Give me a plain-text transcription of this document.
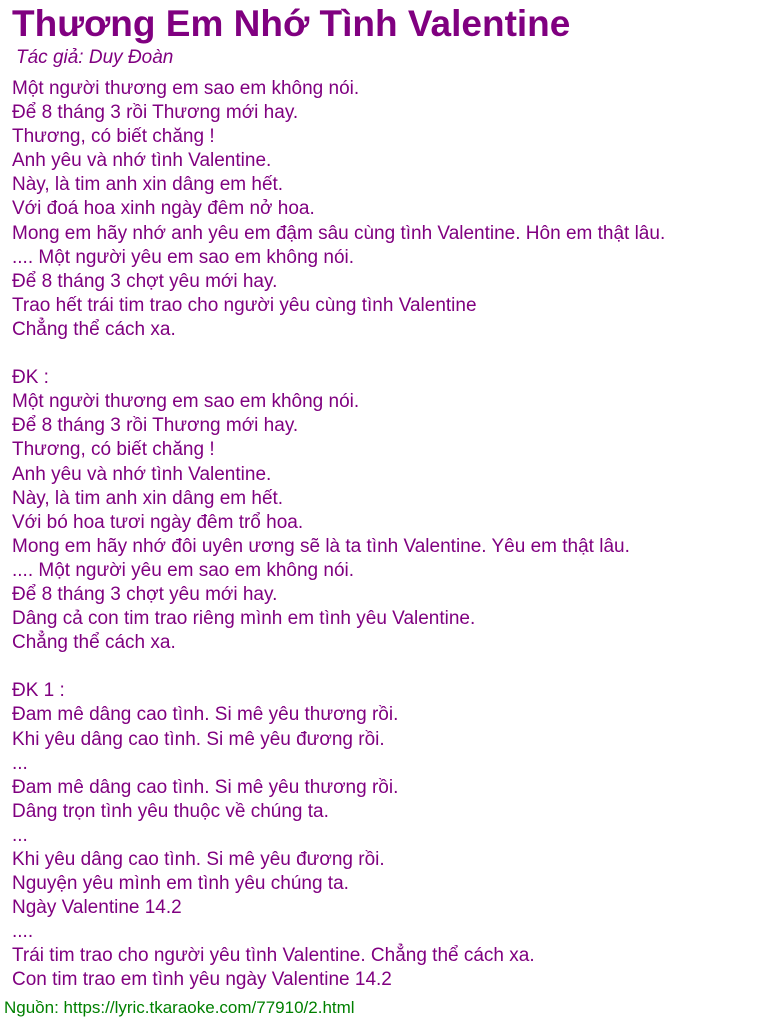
Thương Em Nhớ Tình Valentine
Tác giả: Duy Đoàn
Một người thương em sao em không nói.
Để 8 tháng 3 rồi Thương mới hay.
Thương, có biết chăng !
Anh yêu và nhớ tình Valentine.
Này, là tim anh xin dâng em hết.
Với đoá hoa xinh ngày đêm nở hoa.
Mong em hãy nhớ anh yêu em đậm sâu cùng tình Valentine. Hôn em thật lâu.
.... Một người yêu em sao em không nói.
Để 8 tháng 3 chợt yêu mới hay.
Trao hết trái tim trao cho người yêu cùng tình Valentine
Chẳng thể cách xa.
ĐK :
Một người thương em sao em không nói.
Để 8 tháng 3 rồi Thương mới hay.
Thương, có biết chăng !
Anh yêu và nhớ tình Valentine.
Này, là tim anh xin dâng em hết.
Với bó hoa tươi ngày đêm trổ hoa.
Mong em hãy nhớ đôi uyên ương sẽ là ta tình Valentine. Yêu em thật lâu.
.... Một người yêu em sao em không nói.
Để 8 tháng 3 chợt yêu mới hay.
Dâng cả con tim trao riêng mình em tình yêu Valentine.
Chẳng thể cách xa.
ĐK 1 :
Đam mê dâng cao tình. Si mê yêu thương rồi.
Khi yêu dâng cao tình. Si mê yêu đương rồi.
...
Đam mê dâng cao tình. Si mê yêu thương rồi.
Dâng trọn tình yêu thuộc về chúng ta.
...
Khi yêu dâng cao tình. Si mê yêu đương rồi.
Nguyện yêu mình em tình yêu chúng ta.
Ngày Valentine 14.2
....
Trái tim trao cho người yêu tình Valentine. Chẳng thể cách xa.
Con tim trao em tình yêu ngày Valentine 14.2
Nguồn: https://lyric.tkaraoke.com/77910/2.html
